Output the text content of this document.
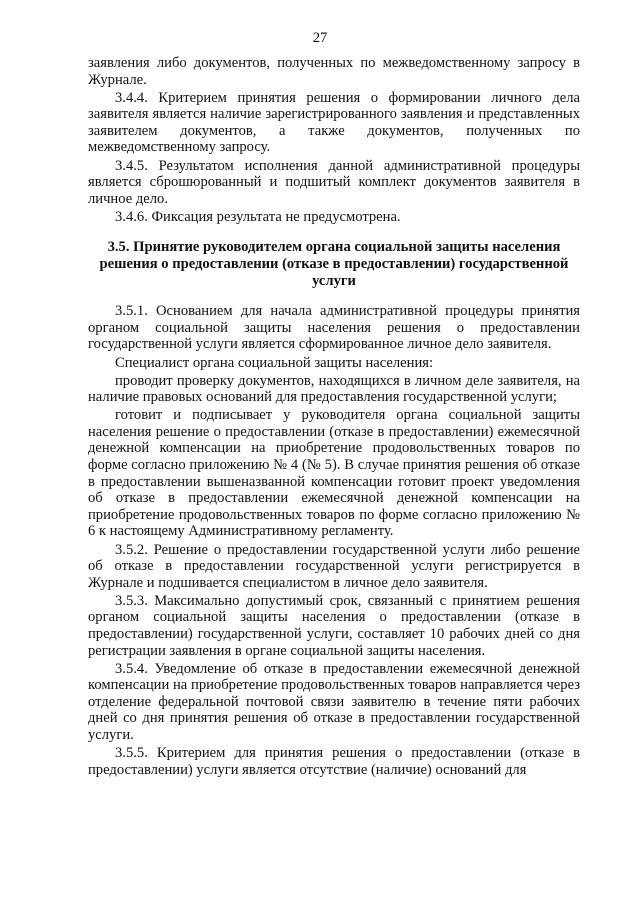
27

заявления либо документов, полученных по межведомственному запросу в Журнале.

3.4.4. Критерием принятия решения о формировании личного дела заявителя является наличие зарегистрированного заявления и представленных заявителем документов, а также документов, полученных по межведомственному запросу.

3.4.5. Результатом исполнения данной административной процедуры является сброшюрованный и подшитый комплект документов заявителя в личное дело.

3.4.6. Фиксация результата не предусмотрена.

3.5. Принятие руководителем органа социальной защиты населения решения о предоставлении (отказе в предоставлении) государственной услуги

3.5.1. Основанием для начала административной процедуры принятия органом социальной защиты населения решения о предоставлении государственной услуги является сформированное личное дело заявителя.

Специалист органа социальной защиты населения:

проводит проверку документов, находящихся в личном деле заявителя, на наличие правовых оснований для предоставления государственной услуги;

готовит и подписывает у руководителя органа социальной защиты населения решение о предоставлении (отказе в предоставлении) ежемесячной денежной компенсации на приобретение продовольственных товаров по форме согласно приложению № 4 (№ 5). В случае принятия решения об отказе в предоставлении вышеназванной компенсации готовит проект уведомления об отказе в предоставлении ежемесячной денежной компенсации на приобретение продовольственных товаров по форме согласно приложению № 6 к настоящему Административному регламенту.

3.5.2. Решение о предоставлении государственной услуги либо решение об отказе в предоставлении государственной услуги регистрируется в Журнале и подшивается специалистом в личное дело заявителя.

3.5.3. Максимально допустимый срок, связанный с принятием решения органом социальной защиты населения о предоставлении (отказе в предоставлении) государственной услуги, составляет 10 рабочих дней со дня регистрации заявления в органе социальной защиты населения.

3.5.4. Уведомление об отказе в предоставлении ежемесячной денежной компенсации на приобретение продовольственных товаров направляется через отделение федеральной почтовой связи заявителю в течение пяти рабочих дней со дня принятия решения об отказе в предоставлении государственной услуги.

3.5.5. Критерием для принятия решения о предоставлении (отказе в предоставлении) услуги является отсутствие (наличие) оснований для
